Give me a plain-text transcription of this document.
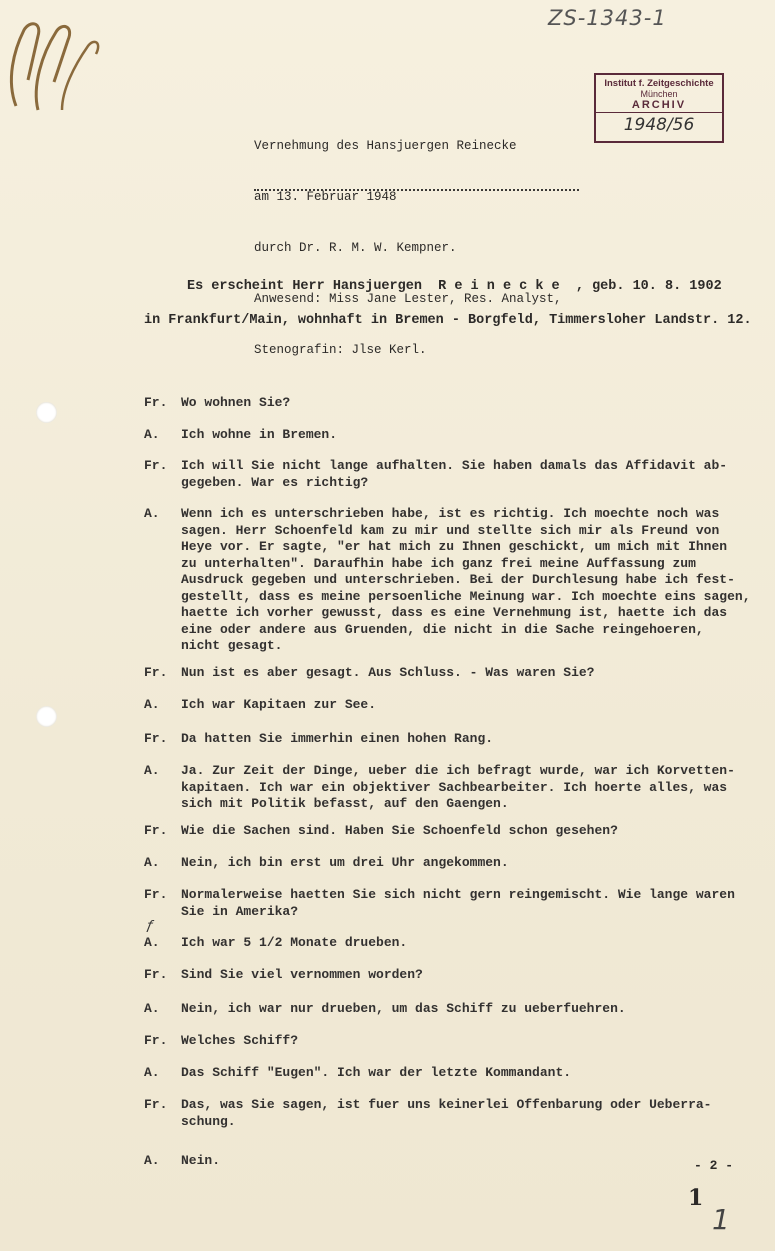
ZS-1343-1
Institut f. Zeitgeschichte
München
ARCHIV
1948/56

Vernehmung des Hansjuergen Reinecke

am 13. Februar 1948

durch Dr. R. M. W. Kempner.

Anwesend: Miss Jane Lester, Res. Analyst,

Stenografin: Jlse Kerl.

Es erscheint Herr Hansjuergen  R e i n e c k e  , geb. 10. 8. 1902
in Frankfurt/Main, wohnhaft in Bremen - Borgfeld, Timmersloher Landstr. 12.
Fr. Wo wohnen Sie?
A. Ich wohne in Bremen.
Fr. Ich will Sie nicht lange aufhalten. Sie haben damals das Affidavit ab-
gegeben. War es richtig?
A. Wenn ich es unterschrieben habe, ist es richtig. Ich moechte noch was
sagen. Herr Schoenfeld kam zu mir und stellte sich mir als Freund von
Heye vor. Er sagte, "er hat mich zu Ihnen geschickt, um mich mit Ihnen
zu unterhalten". Daraufhin habe ich ganz frei meine Auffassung zum
Ausdruck gegeben und unterschrieben. Bei der Durchlesung habe ich fest-
gestellt, dass es meine persoenliche Meinung war. Ich moechte eins sagen,
haette ich vorher gewusst, dass es eine Vernehmung ist, haette ich das
eine oder andere aus Gruenden, die nicht in die Sache reingehoeren,
nicht gesagt.
Fr. Nun ist es aber gesagt. Aus Schluss. - Was waren Sie?
A. Ich war Kapitaen zur See.
Fr. Da hatten Sie immerhin einen hohen Rang.
A. Ja. Zur Zeit der Dinge, ueber die ich befragt wurde, war ich Korvetten-
kapitaen. Ich war ein objektiver Sachbearbeiter. Ich hoerte alles, was
sich mit Politik befasst, auf den Gaengen.
Fr. Wie die Sachen sind. Haben Sie Schoenfeld schon gesehen?
A. Nein, ich bin erst um drei Uhr angekommen.
Fr. Normalerweise haetten Sie sich nicht gern reingemischt. Wie lange waren
Sie in Amerika?
ƒ
A. Ich war 5 1/2 Monate drueben.
Fr. Sind Sie viel vernommen worden?
A. Nein, ich war nur drueben, um das Schiff zu ueberfuehren.
Fr. Welches Schiff?
A. Das Schiff "Eugen". Ich war der letzte Kommandant.
Fr. Das, was Sie sagen, ist fuer uns keinerlei Offenbarung oder Ueberra-
schung.
A. Nein.	- 2 -
1
1
